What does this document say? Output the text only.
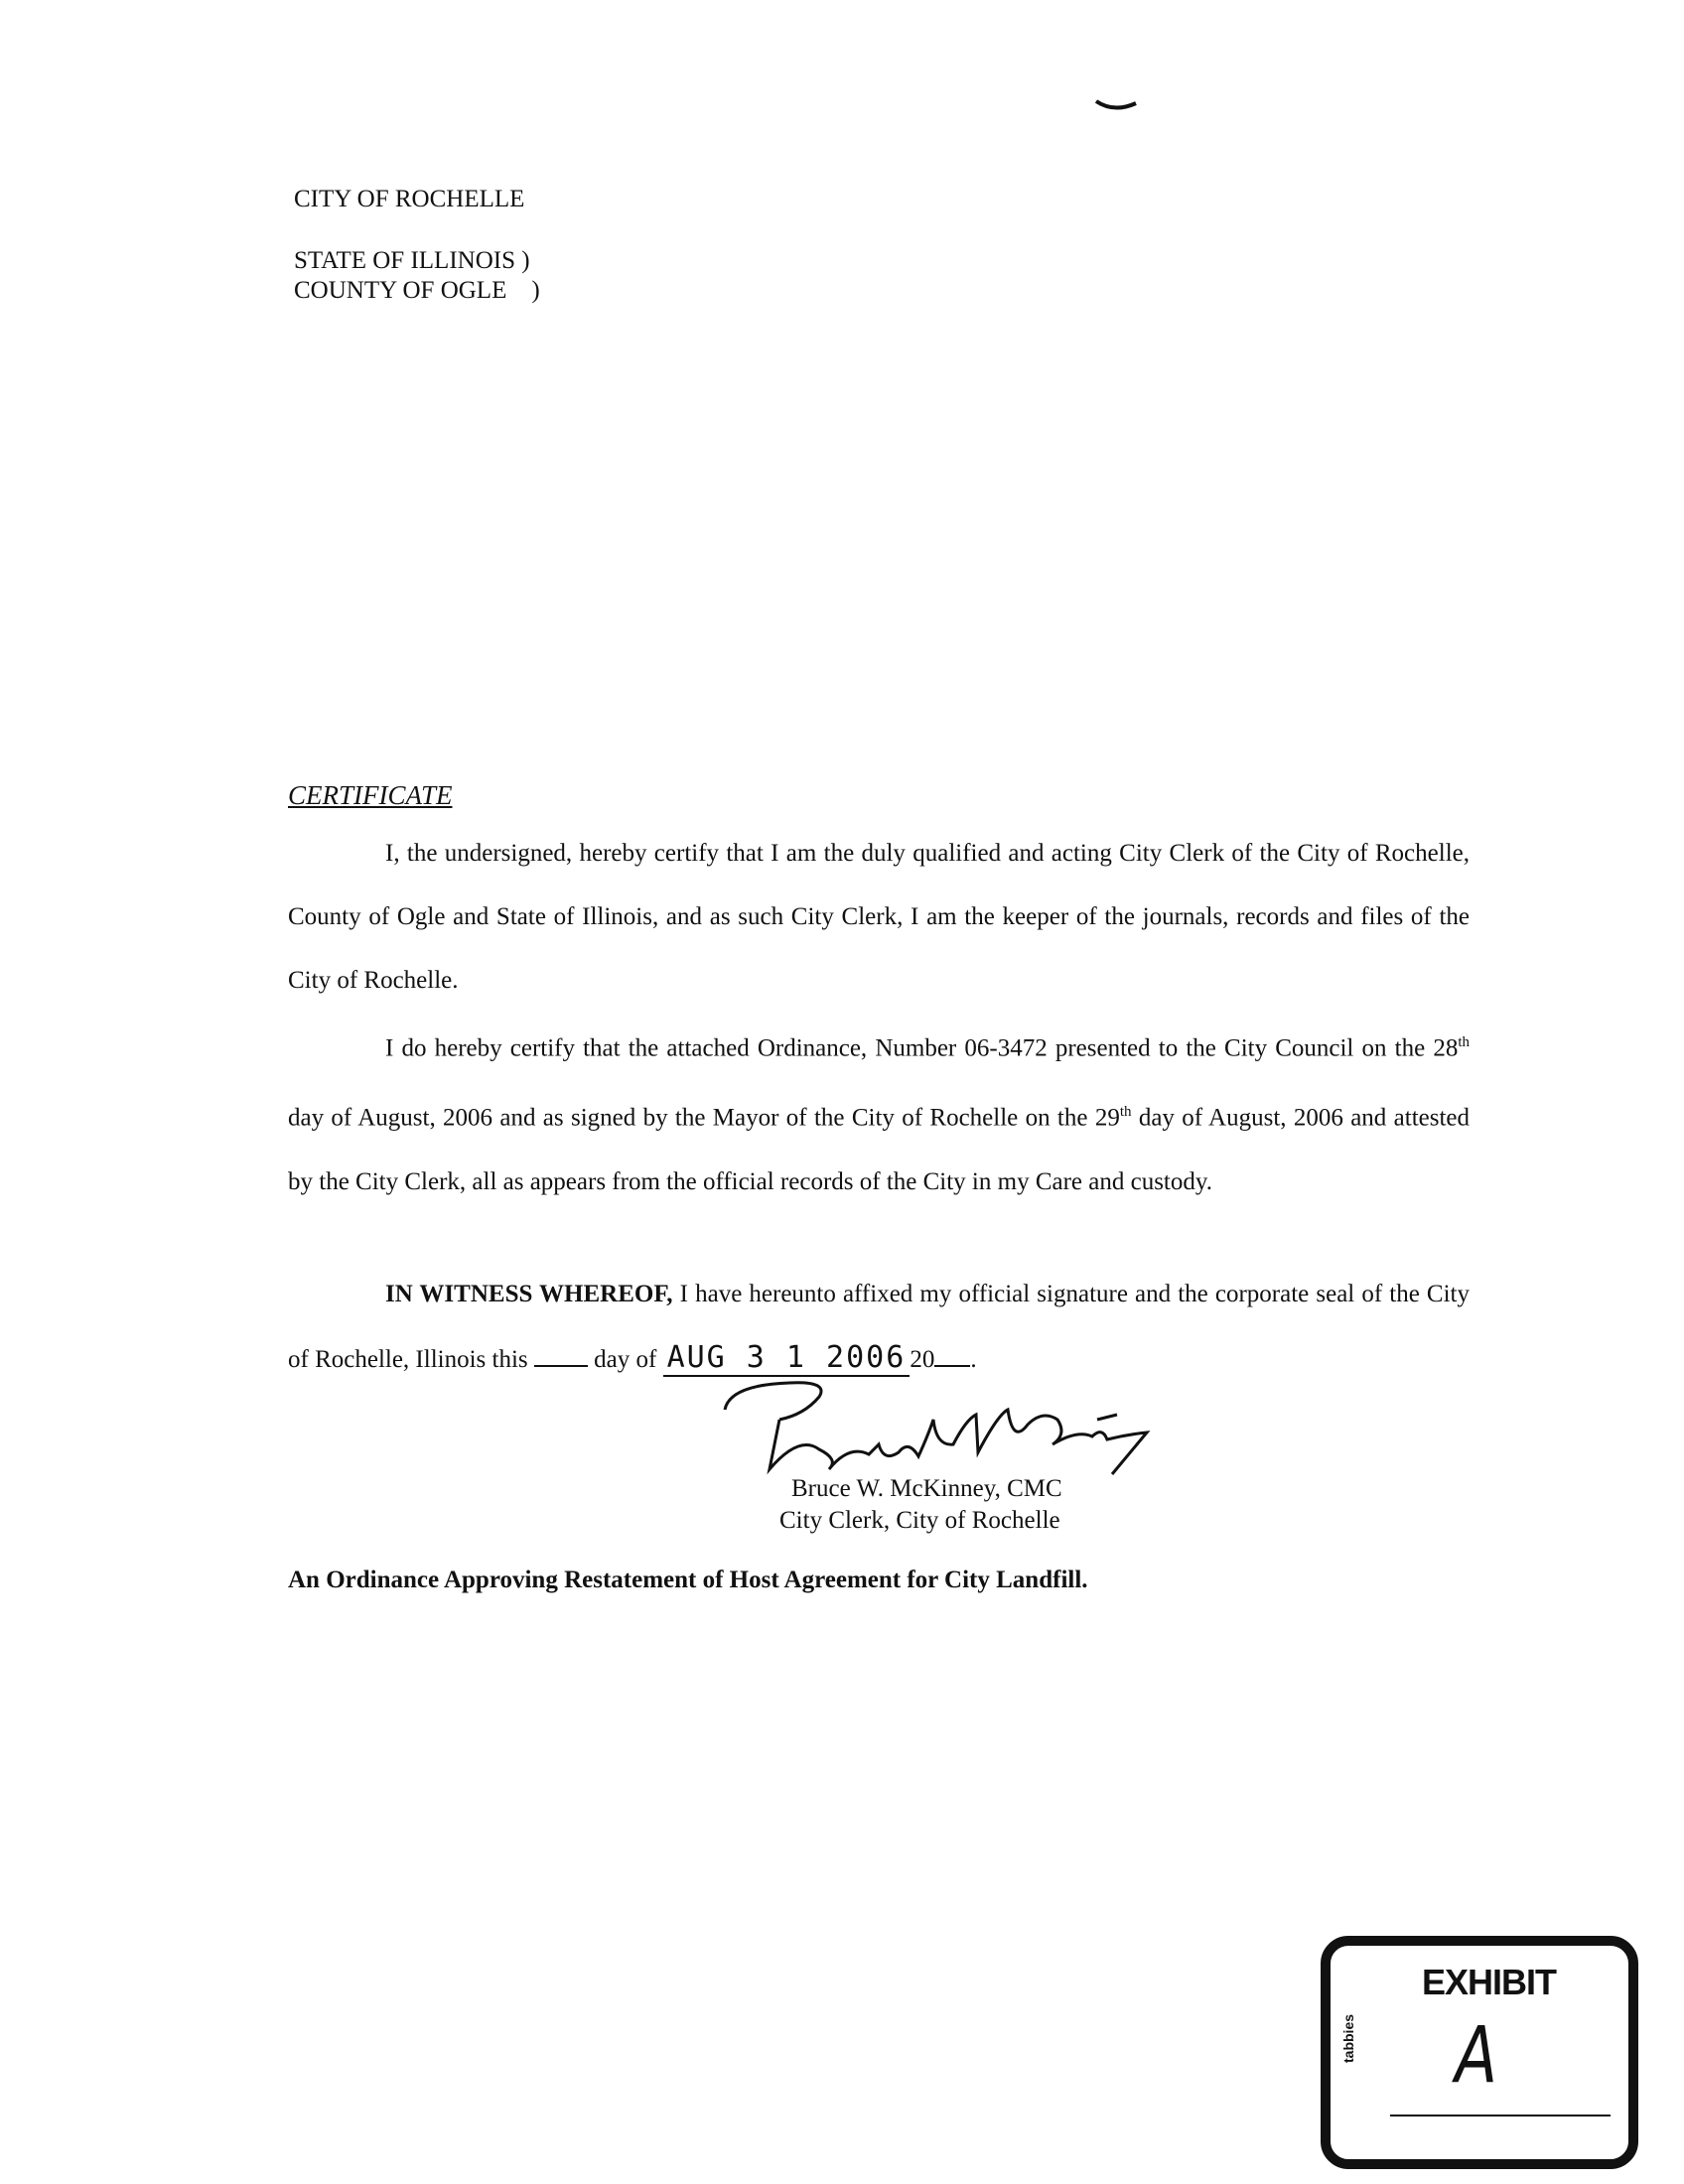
CITY OF ROCHELLE
STATE OF ILLINOIS )
COUNTY OF OGLE    )
CERTIFICATE
I, the undersigned, hereby certify that I am the duly qualified and acting City Clerk of the City of Rochelle, County of Ogle and State of Illinois, and as such City Clerk, I am the keeper of the journals, records and files of the City of Rochelle.
I do hereby certify that the attached Ordinance, Number 06-3472 presented to the City Council on the 28th day of August, 2006 and as signed by the Mayor of the City of Rochelle on the 29th day of August, 2006 and attested by the City Clerk, all as appears from the official records of the City in my Care and custody.
IN WITNESS WHEREOF, I have hereunto affixed my official signature and the corporate seal of the City of Rochelle, Illinois this  day of AUG 3 1 2006 20 .
Bruce W. McKinney, CMC
City Clerk, City of Rochelle
An Ordinance Approving Restatement of Host Agreement for City Landfill.
EXHIBIT
tabbies A
